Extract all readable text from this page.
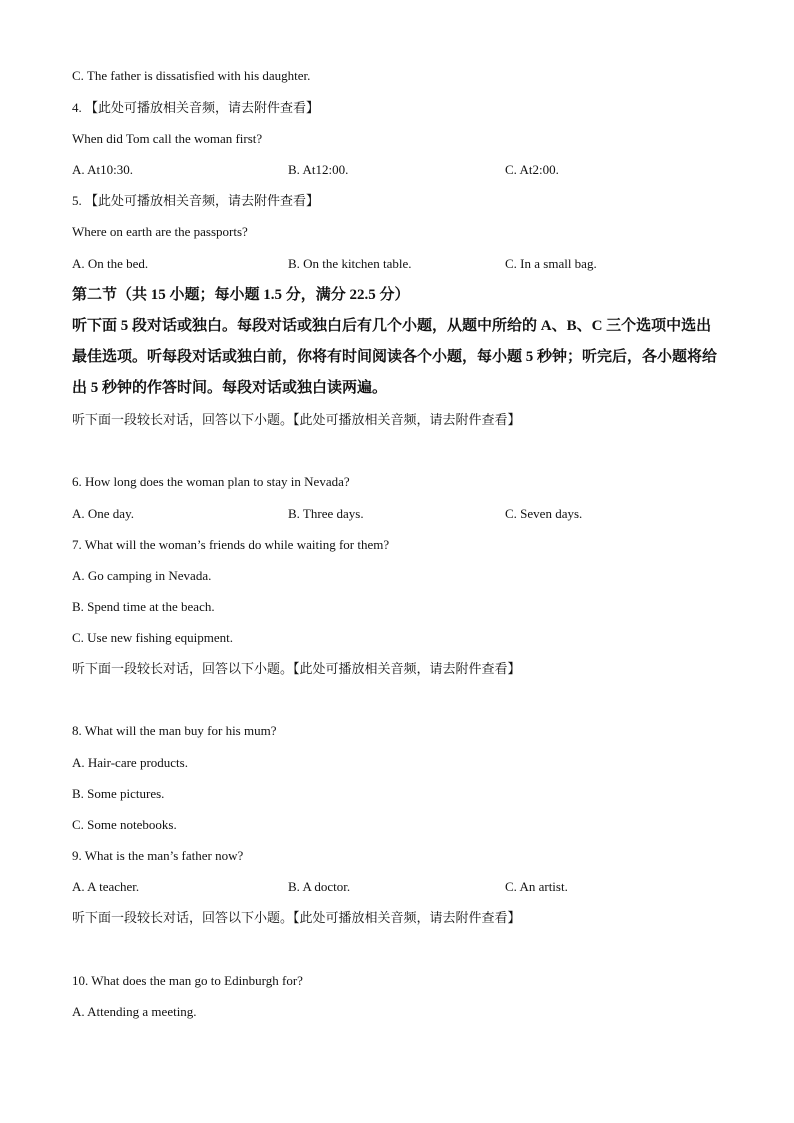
C. The father is dissatisfied with his daughter.
4. 【此处可播放相关音频，请去附件查看】
When did Tom call the woman first?
A. At10:30.	B. At12:00.	C. At2:00.
5. 【此处可播放相关音频，请去附件查看】
Where on earth are the passports?
A. On the bed.	B. On the kitchen table.	C. In a small bag.
第二节（共 15 小题；每小题 1.5 分，满分 22.5 分）
听下面 5 段对话或独白。每段对话或独白后有几个小题，从题中所给的 A、B、C 三个选项中选出最佳选项。听每段对话或独白前，你将有时间阅读各个小题，每小题 5 秒钟；听完后，各小题将给出 5 秒钟的作答时间。每段对话或独白读两遍。
听下面一段较长对话，回答以下小题。【此处可播放相关音频，请去附件查看】
6. How long does the woman plan to stay in Nevada?
A. One day.	B. Three days.	C. Seven days.
7. What will the woman’s friends do while waiting for them?
A. Go camping in Nevada.
B. Spend time at the beach.
C. Use new fishing equipment.
听下面一段较长对话，回答以下小题。【此处可播放相关音频，请去附件查看】
8. What will the man buy for his mum?
A. Hair-care products.
B. Some pictures.
C. Some notebooks.
9. What is the man’s father now?
A. A teacher.	B. A doctor.	C. An artist.
听下面一段较长对话，回答以下小题。【此处可播放相关音频，请去附件查看】
10. What does the man go to Edinburgh for?
A. Attending a meeting.
